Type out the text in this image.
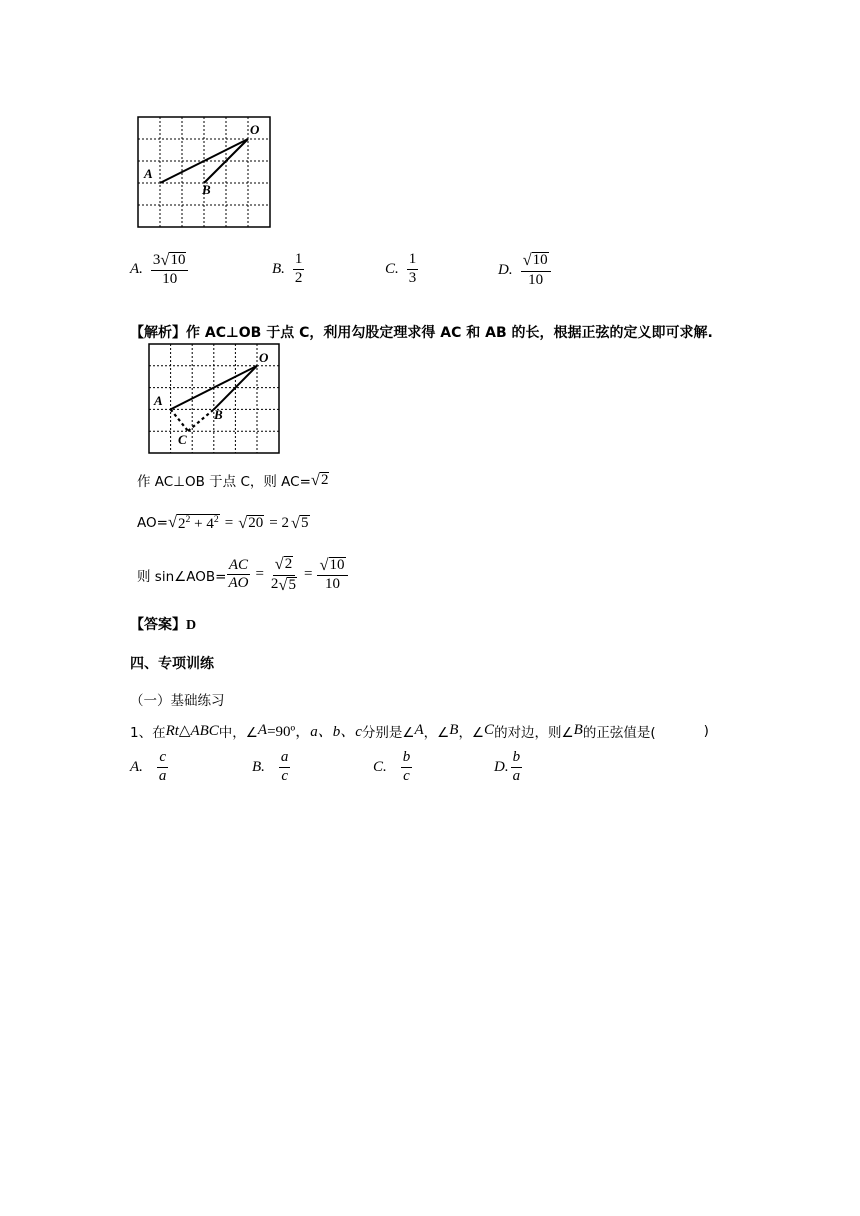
O
A
B
A. $\frac{3 √ 10}{10}$	B. $\frac{1}{2}$	C. $\frac{1}{3}$	D. $\frac{√ 10}{10}$
【解析】作 AC⊥OB 于点 C，利用勾股定理求得 AC 和 AB 的长，根据正弦的定义即可求解.
O
A
B
C
作 AC⊥OB 于点 C，则 AC= √ 2
AO= √ $2^2 + 4^2$ = √ 20 = 2 √ 5
则 sin∠AOB= $\frac{AC}{AO} = \frac{√ 2}{2 √ 5} = \frac{√ 10}{10}$
【答案】D
四、专项训练
（一）基础练习
1、在 Rt△ABC 中，∠ A =90º， a、b、c 分别是∠ A ，∠ B ，∠ C 的对边，则∠ B 的正弦值是(	)
A. $\frac{c}{a}$	B. $\frac{a}{c}$	C. $\frac{b}{c}$	D. $\frac{b}{a}$
